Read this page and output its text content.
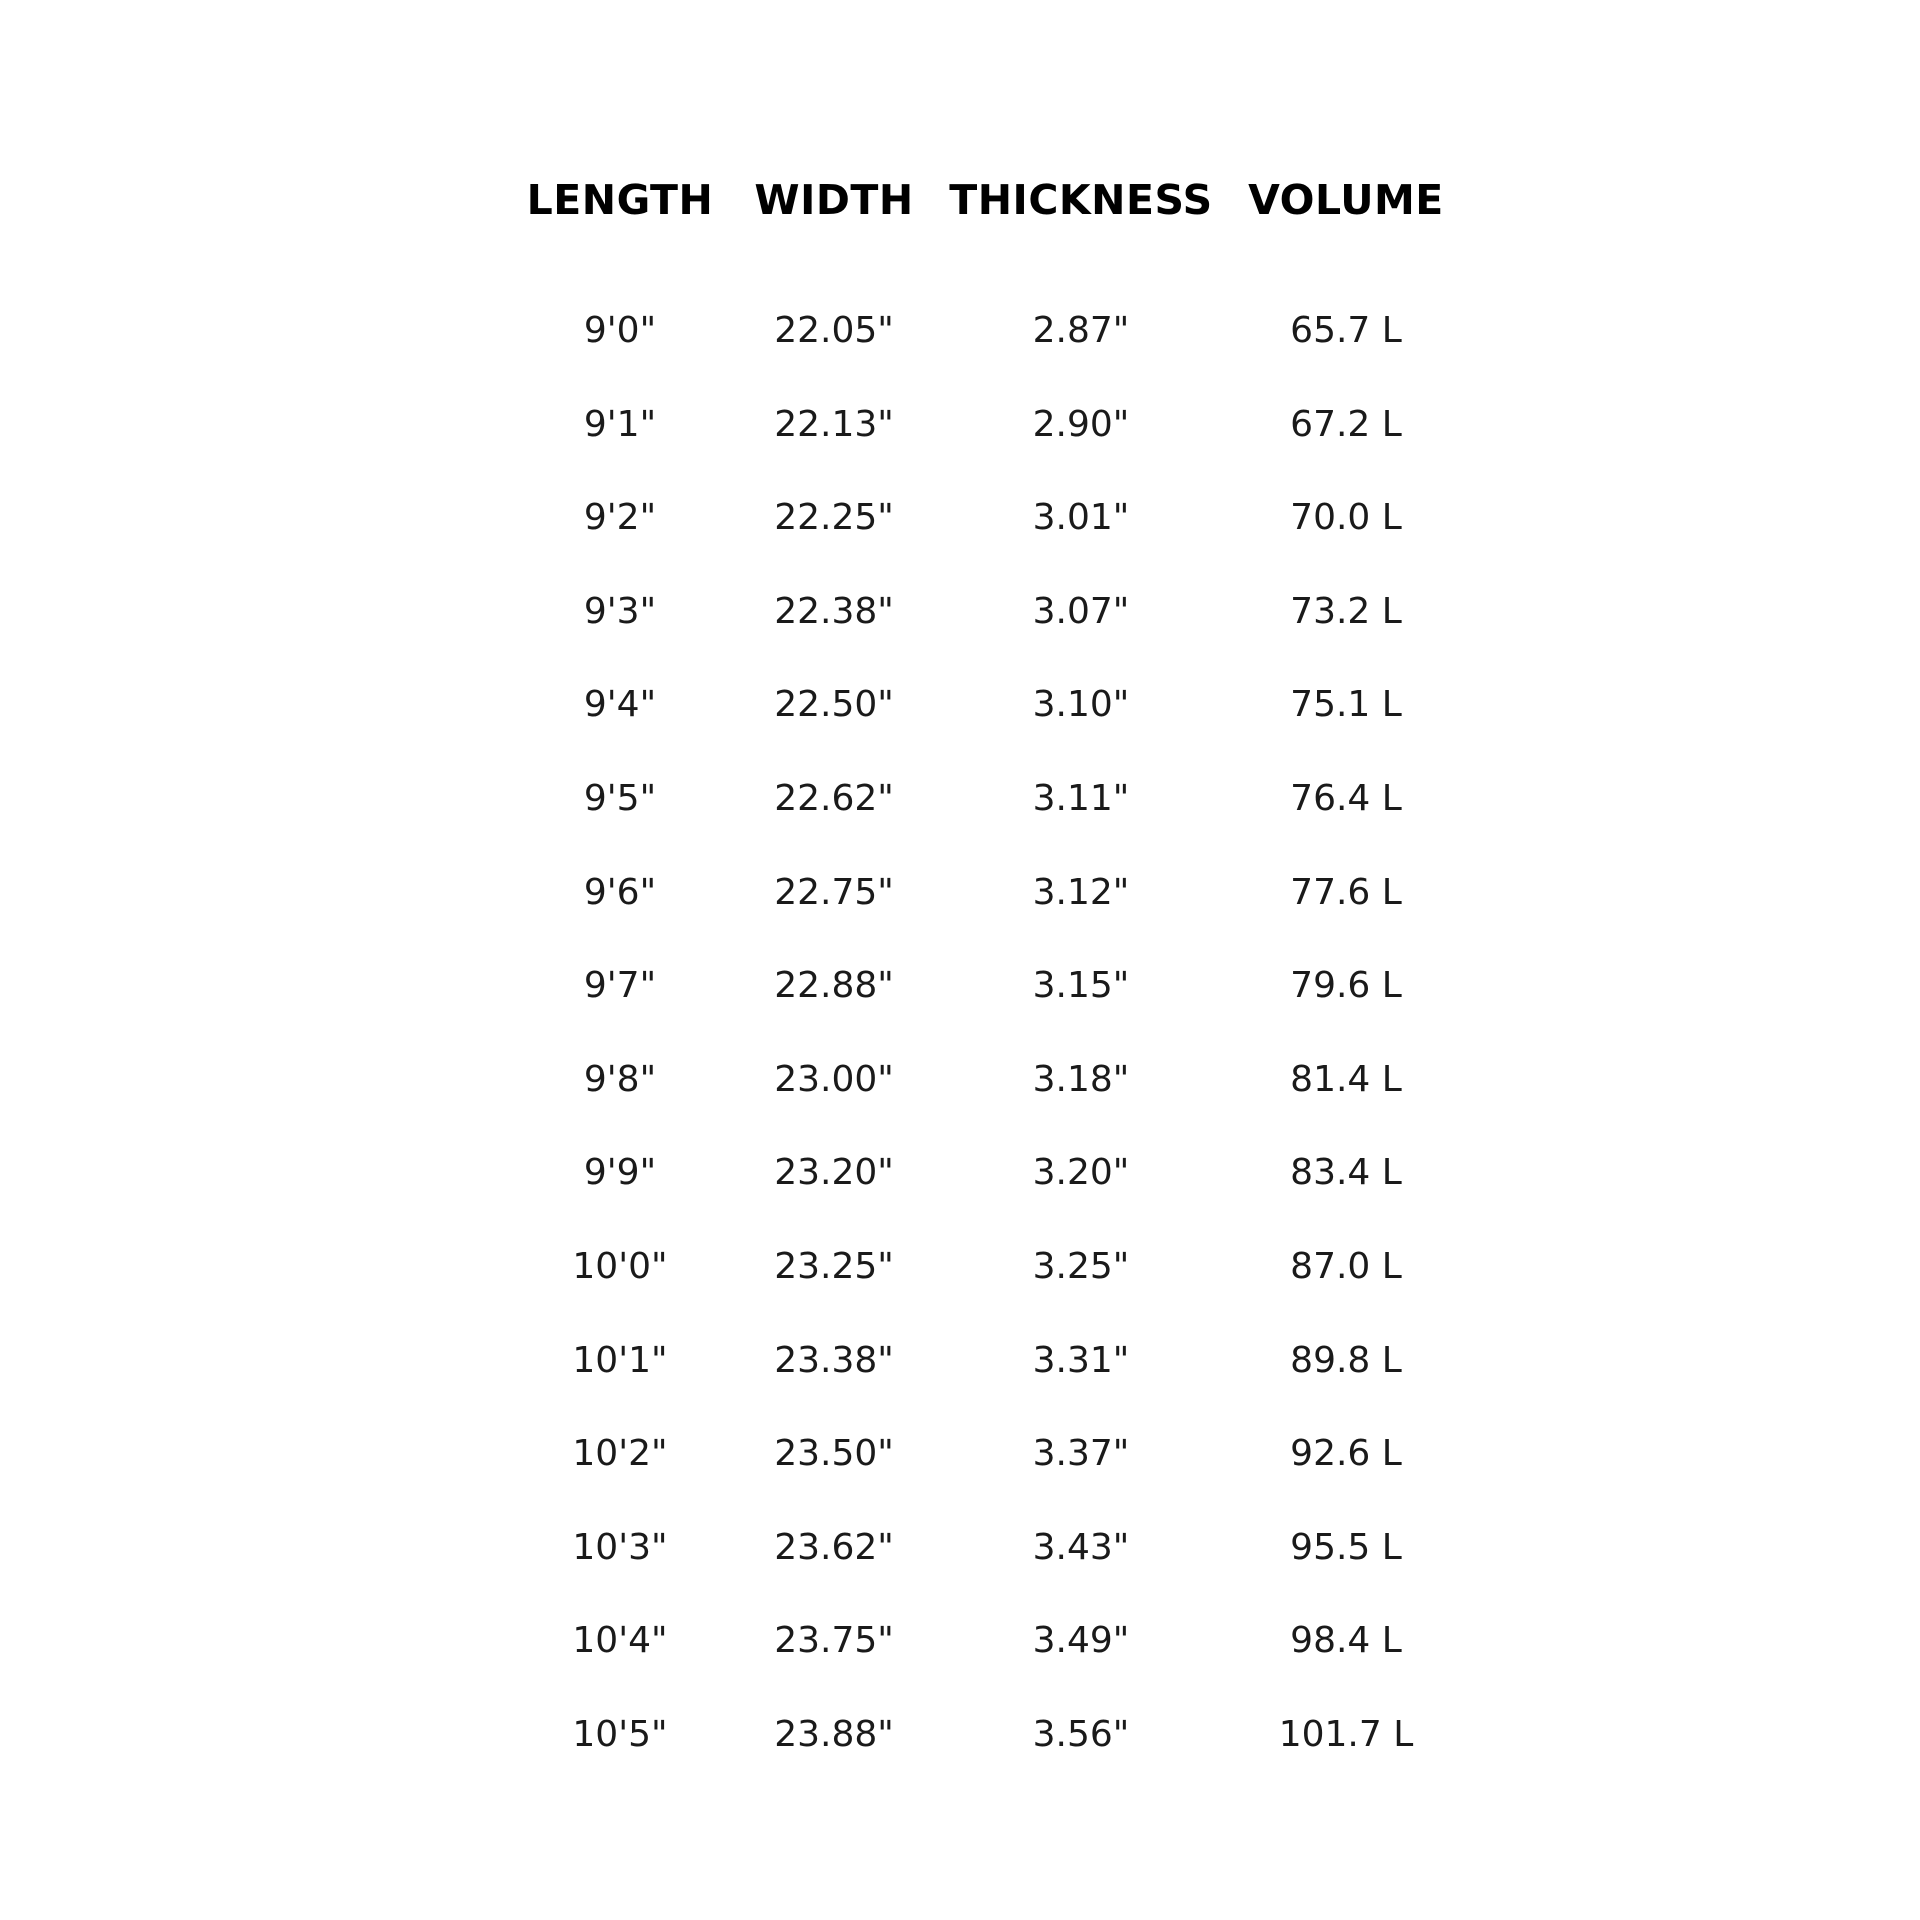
LENGTH	WIDTH THICKNESS VOLUME
9'0"	22.05"	2.87"	65.7 L
9'1"	22.13"	2.90"	67.2 L
9'2"	22.25"	3.01"	70.0 L
9'3"	22.38"	3.07"	73.2 L
9'4"	22.50"	3.10"	75.1 L
9'5"	22.62"	3.11"	76.4 L
9'6"	22.75"	3.12"	77.6 L
9'7"	22.88"	3.15"	79.6 L
9'8"	23.00"	3.18"	81.4 L
9'9"	23.20"	3.20"	83.4 L
10'0"	23.25"	3.25"	87.0 L
10'1"	23.38"	3.31"	89.8 L
10'2"	23.50"	3.37"	92.6 L
10'3"	23.62"	3.43"	95.5 L
10'4"	23.75"	3.49"	98.4 L
10'5"	23.88"	3.56"	101.7 L
